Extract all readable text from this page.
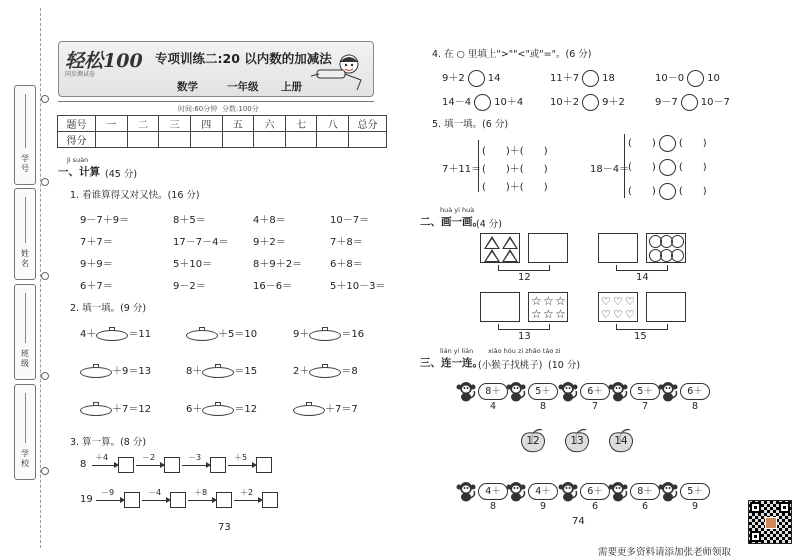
学号
姓名
班级
学校
轻松100
同步测试卷
专项训练二:20 以内数的加减法
数学	一年级 上册
时间:60分钟 分数:100分
题号	一	二	三	四	五	六	七	八	总分
得分									
jì suàn
一、计算 (45 分)
1. 看谁算得又对又快。(16 分)
9－7＋9＝	8＋5＝	4＋8＝	10－7＝
7＋7＝	17－7－4＝ 9＋2＝	7＋8＝
9＋9＝	5＋10＝	8＋9＋2＝	6＋8＝
6＋7＝	9－2＝	16－6＝	5＋10－3＝
2. 填一填。(9 分)
4＋	＝11	＋5＝10	9＋	＝16
＋9＝13	8＋	＝15	2＋	＝8
＋7＝12	6＋	＝12	＋7＝7
3. 算一算。(8 分)
8
＋4	－2	－3	＋5
19
－9	－4	＋8	＋2
73
4. 在 ○ 里填上">""<"或"="。(6 分)
9＋2 14	11＋7 18	10－0 10
14－4 10＋4	10＋2 9＋2	9－7 10－7
5. 填一填。(6 分)
7＋11＝
(　　)＋(　　)
(　　)＋(　　)
(　　)＋(　　)
18－4＝
(　　) (　　)
(　　) (　　)
(　　) (　　)
huà yi huà
二、画一画。
(4 分)
12	14
☆ ☆ ☆
☆ ☆ ☆
13
♡ ♡ ♡
♡ ♡ ♡
15
lián yi lián xiǎo hóu zi zhǎo táo zi
三、连一连。
(小猴子找桃子) (10 分)
8＋4
5＋8
6＋7
5＋7
6＋8
4＋8
4＋9
6＋6
8＋6
5＋9
12	13	14
74
需要更多资料请添加张老师领取
